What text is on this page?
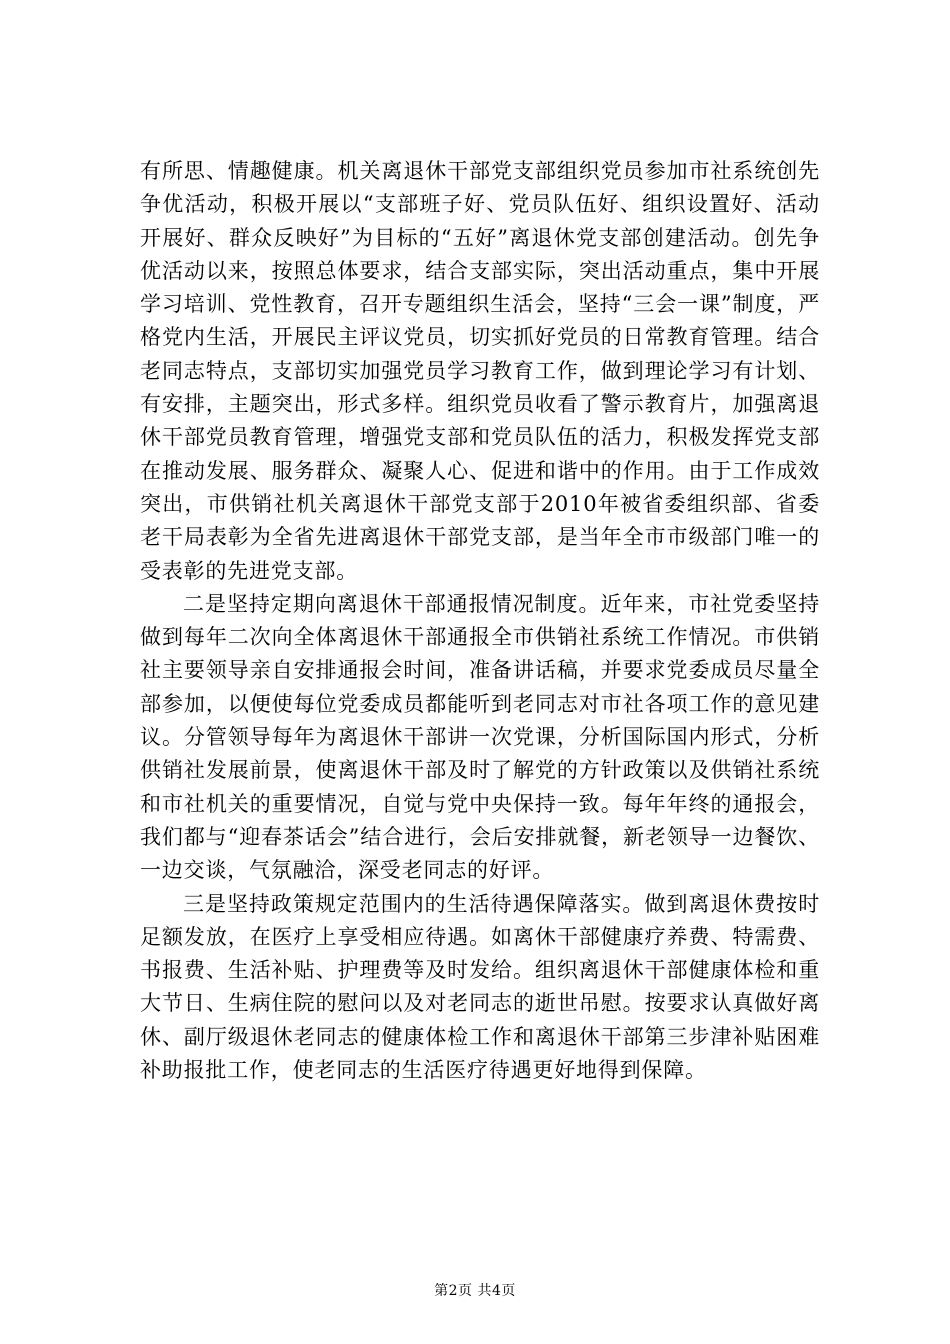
有所思、情趣健康。机关离退休干部党支部组织党员参加市社系统创先争优活动，积极开展以“支部班子好、党员队伍好、组织设置好、活动开展好、群众反映好”为目标的“五好”离退休党支部创建活动。创先争优活动以来，按照总体要求，结合支部实际，突出活动重点，集中开展学习培训、党性教育，召开专题组织生活会，坚持“三会一课”制度，严格党内生活，开展民主评议党员，切实抓好党员的日常教育管理。结合老同志特点，支部切实加强党员学习教育工作，做到理论学习有计划、有安排，主题突出，形式多样。组织党员收看了警示教育片，加强离退休干部党员教育管理，增强党支部和党员队伍的活力，积极发挥党支部在推动发展、服务群众、凝聚人心、促进和谐中的作用。由于工作成效突出，市供销社机关离退休干部党支部于2010年被省委组织部、省委老干局表彰为全省先进离退休干部党支部，是当年全市市级部门唯一的受表彰的先进党支部。

二是坚持定期向离退休干部通报情况制度。近年来，市社党委坚持做到每年二次向全体离退休干部通报全市供销社系统工作情况。市供销社主要领导亲自安排通报会时间，准备讲话稿，并要求党委成员尽量全部参加，以便使每位党委成员都能听到老同志对市社各项工作的意见建议。分管领导每年为离退休干部讲一次党课，分析国际国内形式，分析供销社发展前景，使离退休干部及时了解党的方针政策以及供销社系统和市社机关的重要情况，自觉与党中央保持一致。每年年终的通报会，我们都与“迎春茶话会”结合进行，会后安排就餐，新老领导一边餐饮、一边交谈，气氛融洽，深受老同志的好评。

三是坚持政策规定范围内的生活待遇保障落实。做到离退休费按时足额发放，在医疗上享受相应待遇。如离休干部健康疗养费、特需费、书报费、生活补贴、护理费等及时发给。组织离退休干部健康体检和重大节日、生病住院的慰问以及对老同志的逝世吊慰。按要求认真做好离休、副厅级退休老同志的健康体检工作和离退休干部第三步津补贴困难补助报批工作，使老同志的生活医疗待遇更好地得到保障。

第2页 共4页
